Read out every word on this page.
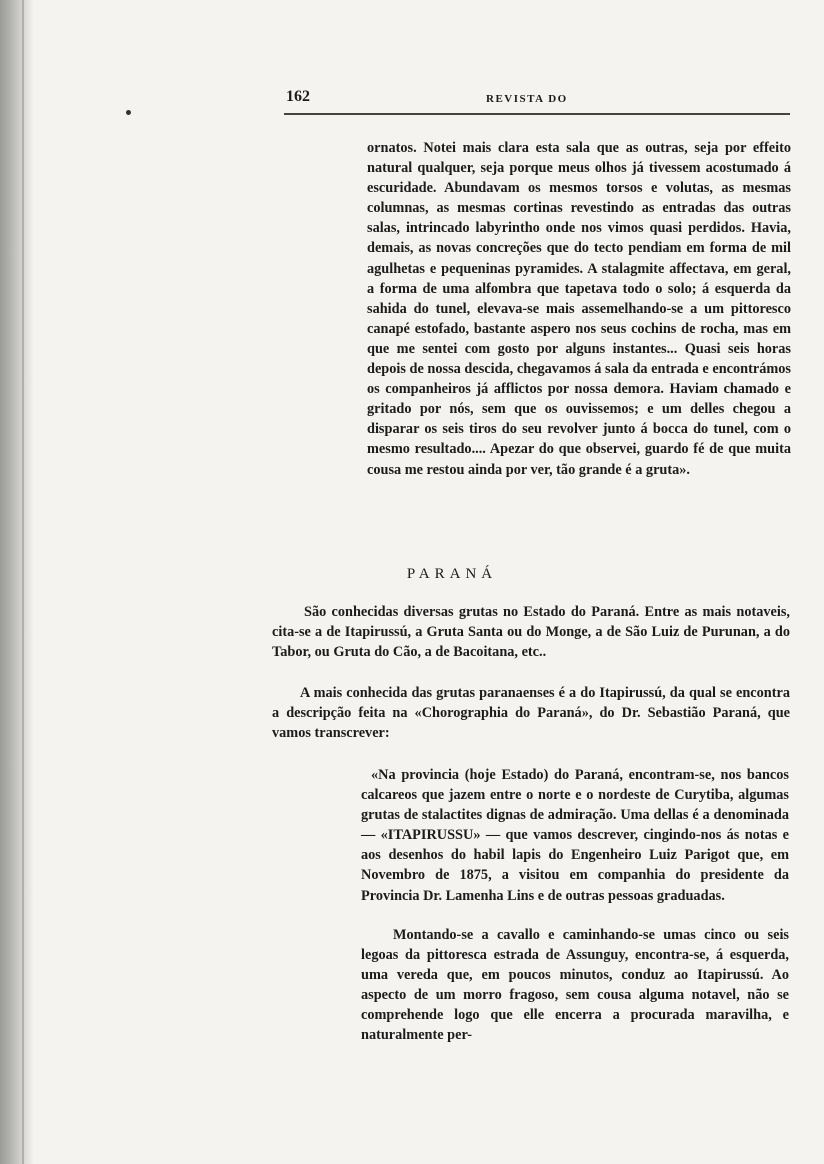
162	REVISTA DO

ornatos. Notei mais clara esta sala que as outras, seja por effeito natural qualquer, seja porque meus olhos já tivessem acostumado á escuridade. Abundavam os mesmos torsos e volutas, as mesmas columnas, as mesmas cortinas revestindo as entradas das outras salas, intrincado labyrintho onde nos vimos quasi perdidos. Havia, demais, as novas concreções que do tecto pendiam em forma de mil agulhetas e pequeninas pyramides. A stalagmite affectava, em geral, a forma de uma alfombra que tapetava todo o solo; á esquerda da sahida do tunel, elevava-se mais assemelhando-se a um pittoresco canapé estofado, bastante aspero nos seus cochins de rocha, mas em que me sentei com gosto por alguns instantes... Quasi seis horas depois de nossa descida, chegavamos á sala da entrada e encontrámos os companheiros já afflictos por nossa demora. Haviam chamado e gritado por nós, sem que os ouvissemos; e um delles chegou a disparar os seis tiros do seu revolver junto á bocca do tunel, com o mesmo resultado.... Apezar do que observei, guardo fé de que muita cousa me restou ainda por ver, tão grande é a gruta».

PARANÁ

São conhecidas diversas grutas no Estado do Paraná. Entre as mais notaveis, cita-se a de Itapirussú, a Gruta Santa ou do Monge, a de São Luiz de Purunan, a do Tabor, ou Gruta do Cão, a de Bacoitana, etc..

A mais conhecida das grutas paranaenses é a do Itapirussú, da qual se encontra a descripção feita na «Chorographia do Paraná», do Dr. Sebastião Paraná, que vamos transcrever:

«Na provincia (hoje Estado) do Paraná, encontram-se, nos bancos calcareos que jazem entre o norte e o nordeste de Curytiba, algumas grutas de stalactites dignas de admiração. Uma dellas é a denominada — «ITAPIRUSSU» — que vamos descrever, cingindo-nos ás notas e aos desenhos do habil lapis do Engenheiro Luiz Parigot que, em Novembro de 1875, a visitou em companhia do presidente da Provincia Dr. Lamenha Lins e de outras pessoas graduadas.

Montando-se a cavallo e caminhando-se umas cinco ou seis legoas da pittoresca estrada de Assunguy, encontra-se, á esquerda, uma vereda que, em poucos minutos, conduz ao Itapirussú. Ao aspecto de um morro fragoso, sem cousa alguma notavel, não se comprehende logo que elle encerra a procurada maravilha, e naturalmente per-
